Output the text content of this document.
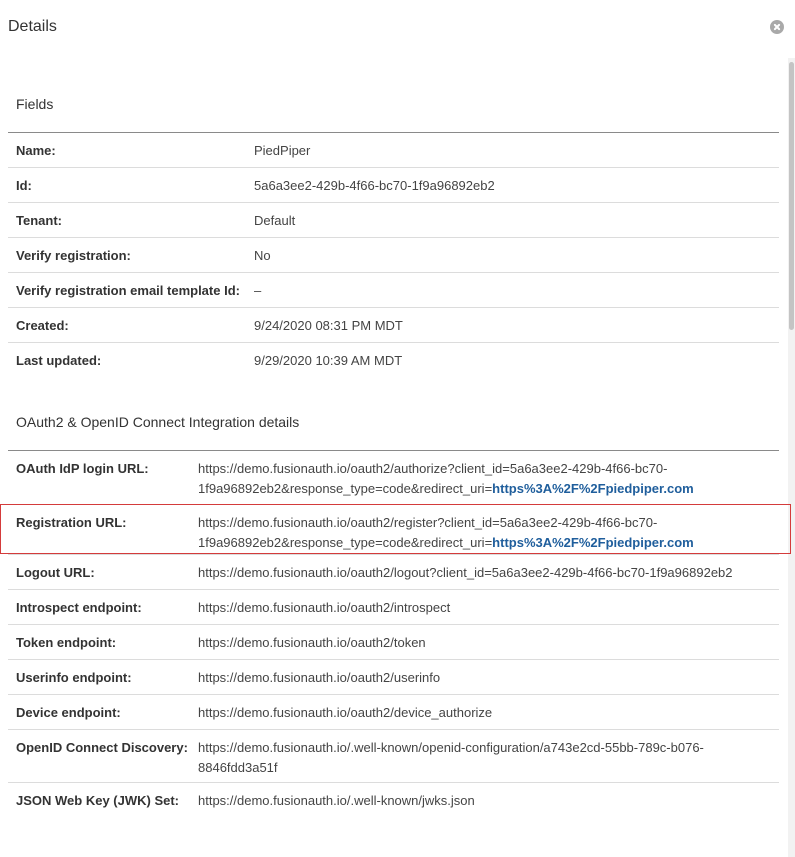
Details
Fields
Name:	PiedPiper
Id:	5a6a3ee2-429b-4f66-bc70-1f9a96892eb2
Tenant:	Default
Verify registration:	No
Verify registration email template Id: –
Created:	9/24/2020 08:31 PM MDT
Last updated:	9/29/2020 10:39 AM MDT
OAuth2 & OpenID Connect Integration details
OAuth IdP login URL:	https://demo.fusionauth.io/oauth2/authorize?client_id=5a6a3ee2-429b-4f66-bc70-
1f9a96892eb2&response_type=code&redirect_uri=https%3A%2F%2Fpiedpiper.com
Registration URL:	https://demo.fusionauth.io/oauth2/register?client_id=5a6a3ee2-429b-4f66-bc70-
1f9a96892eb2&response_type=code&redirect_uri=https%3A%2F%2Fpiedpiper.com
Logout URL:	https://demo.fusionauth.io/oauth2/logout?client_id=5a6a3ee2-429b-4f66-bc70-1f9a96892eb2
Introspect endpoint:	https://demo.fusionauth.io/oauth2/introspect
Token endpoint:	https://demo.fusionauth.io/oauth2/token
Userinfo endpoint:	https://demo.fusionauth.io/oauth2/userinfo
Device endpoint:	https://demo.fusionauth.io/oauth2/device_authorize
OpenID Connect Discovery: https://demo.fusionauth.io/.well-known/openid-configuration/a743e2cd-55bb-789c-b076-
8846fdd3a51f
JSON Web Key (JWK) Set: https://demo.fusionauth.io/.well-known/jwks.json
